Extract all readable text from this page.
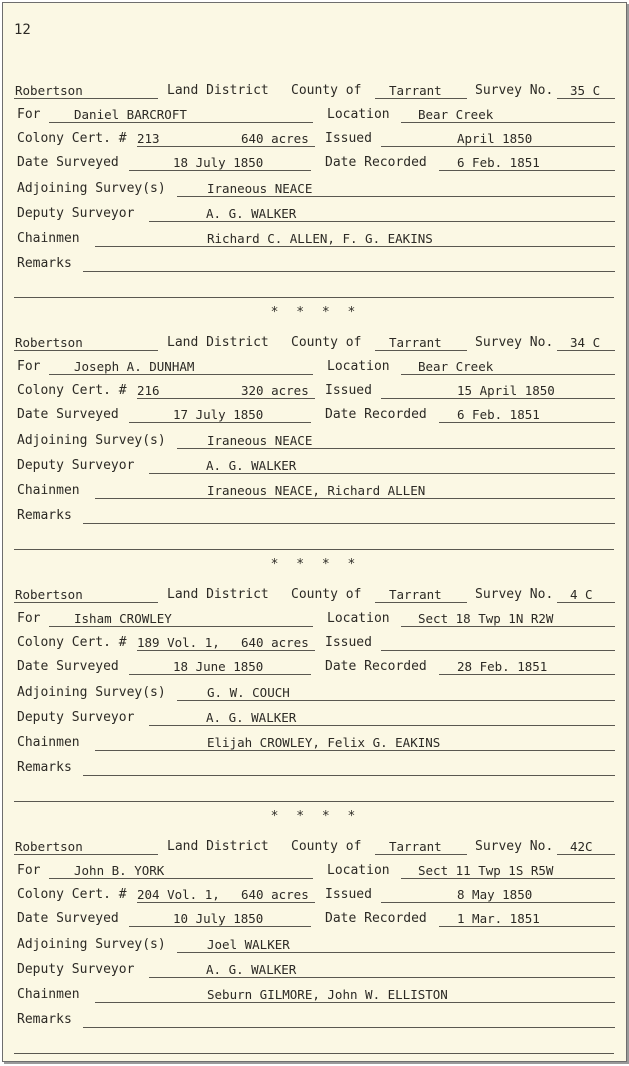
12
Robertson	Land District County of Tarrant	Survey No. 35 C
For	Daniel BARCROFT	Location Bear Creek
Colony Cert. # 213	640 acres Issued	April 1850
Date Surveyed	18 July 1850	Date Recorded 6 Feb. 1851
Adjoining Survey(s)	Iraneous NEACE
Deputy Surveyor	A. G. WALKER
Chainmen	Richard C. ALLEN, F. G. EAKINS
Remarks
Robertson	Land District County of Tarrant	Survey No. 34 C
For	Joseph A. DUNHAM	Location Bear Creek
Colony Cert. # 216	320 acres Issued	15 April 1850
Date Surveyed	17 July 1850	Date Recorded 6 Feb. 1851
Adjoining Survey(s)	Iraneous NEACE
Deputy Surveyor	A. G. WALKER
Chainmen	Iraneous NEACE, Richard ALLEN
Remarks
Robertson	Land District County of Tarrant	Survey No. 4 C
For	Isham CROWLEY	Location Sect 18 Twp 1N R2W
Colony Cert. # 189 Vol. 1, 640 acres Issued
Date Surveyed	18 June 1850	Date Recorded 28 Feb. 1851
Adjoining Survey(s)	G. W. COUCH
Deputy Surveyor	A. G. WALKER
Chainmen	Elijah CROWLEY, Felix G. EAKINS
Remarks
Robertson	Land District County of Tarrant	Survey No. 42C
For	John B. YORK	Location Sect 11 Twp 1S R5W
Colony Cert. # 204 Vol. 1, 640 acres Issued	8 May 1850
Date Surveyed	10 July 1850	Date Recorded 1 Mar. 1851
Adjoining Survey(s)	Joel WALKER
Deputy Surveyor	A. G. WALKER
Chainmen	Seburn GILMORE, John W. ELLISTON
Remarks
* * * *
* * * *
* * * *
